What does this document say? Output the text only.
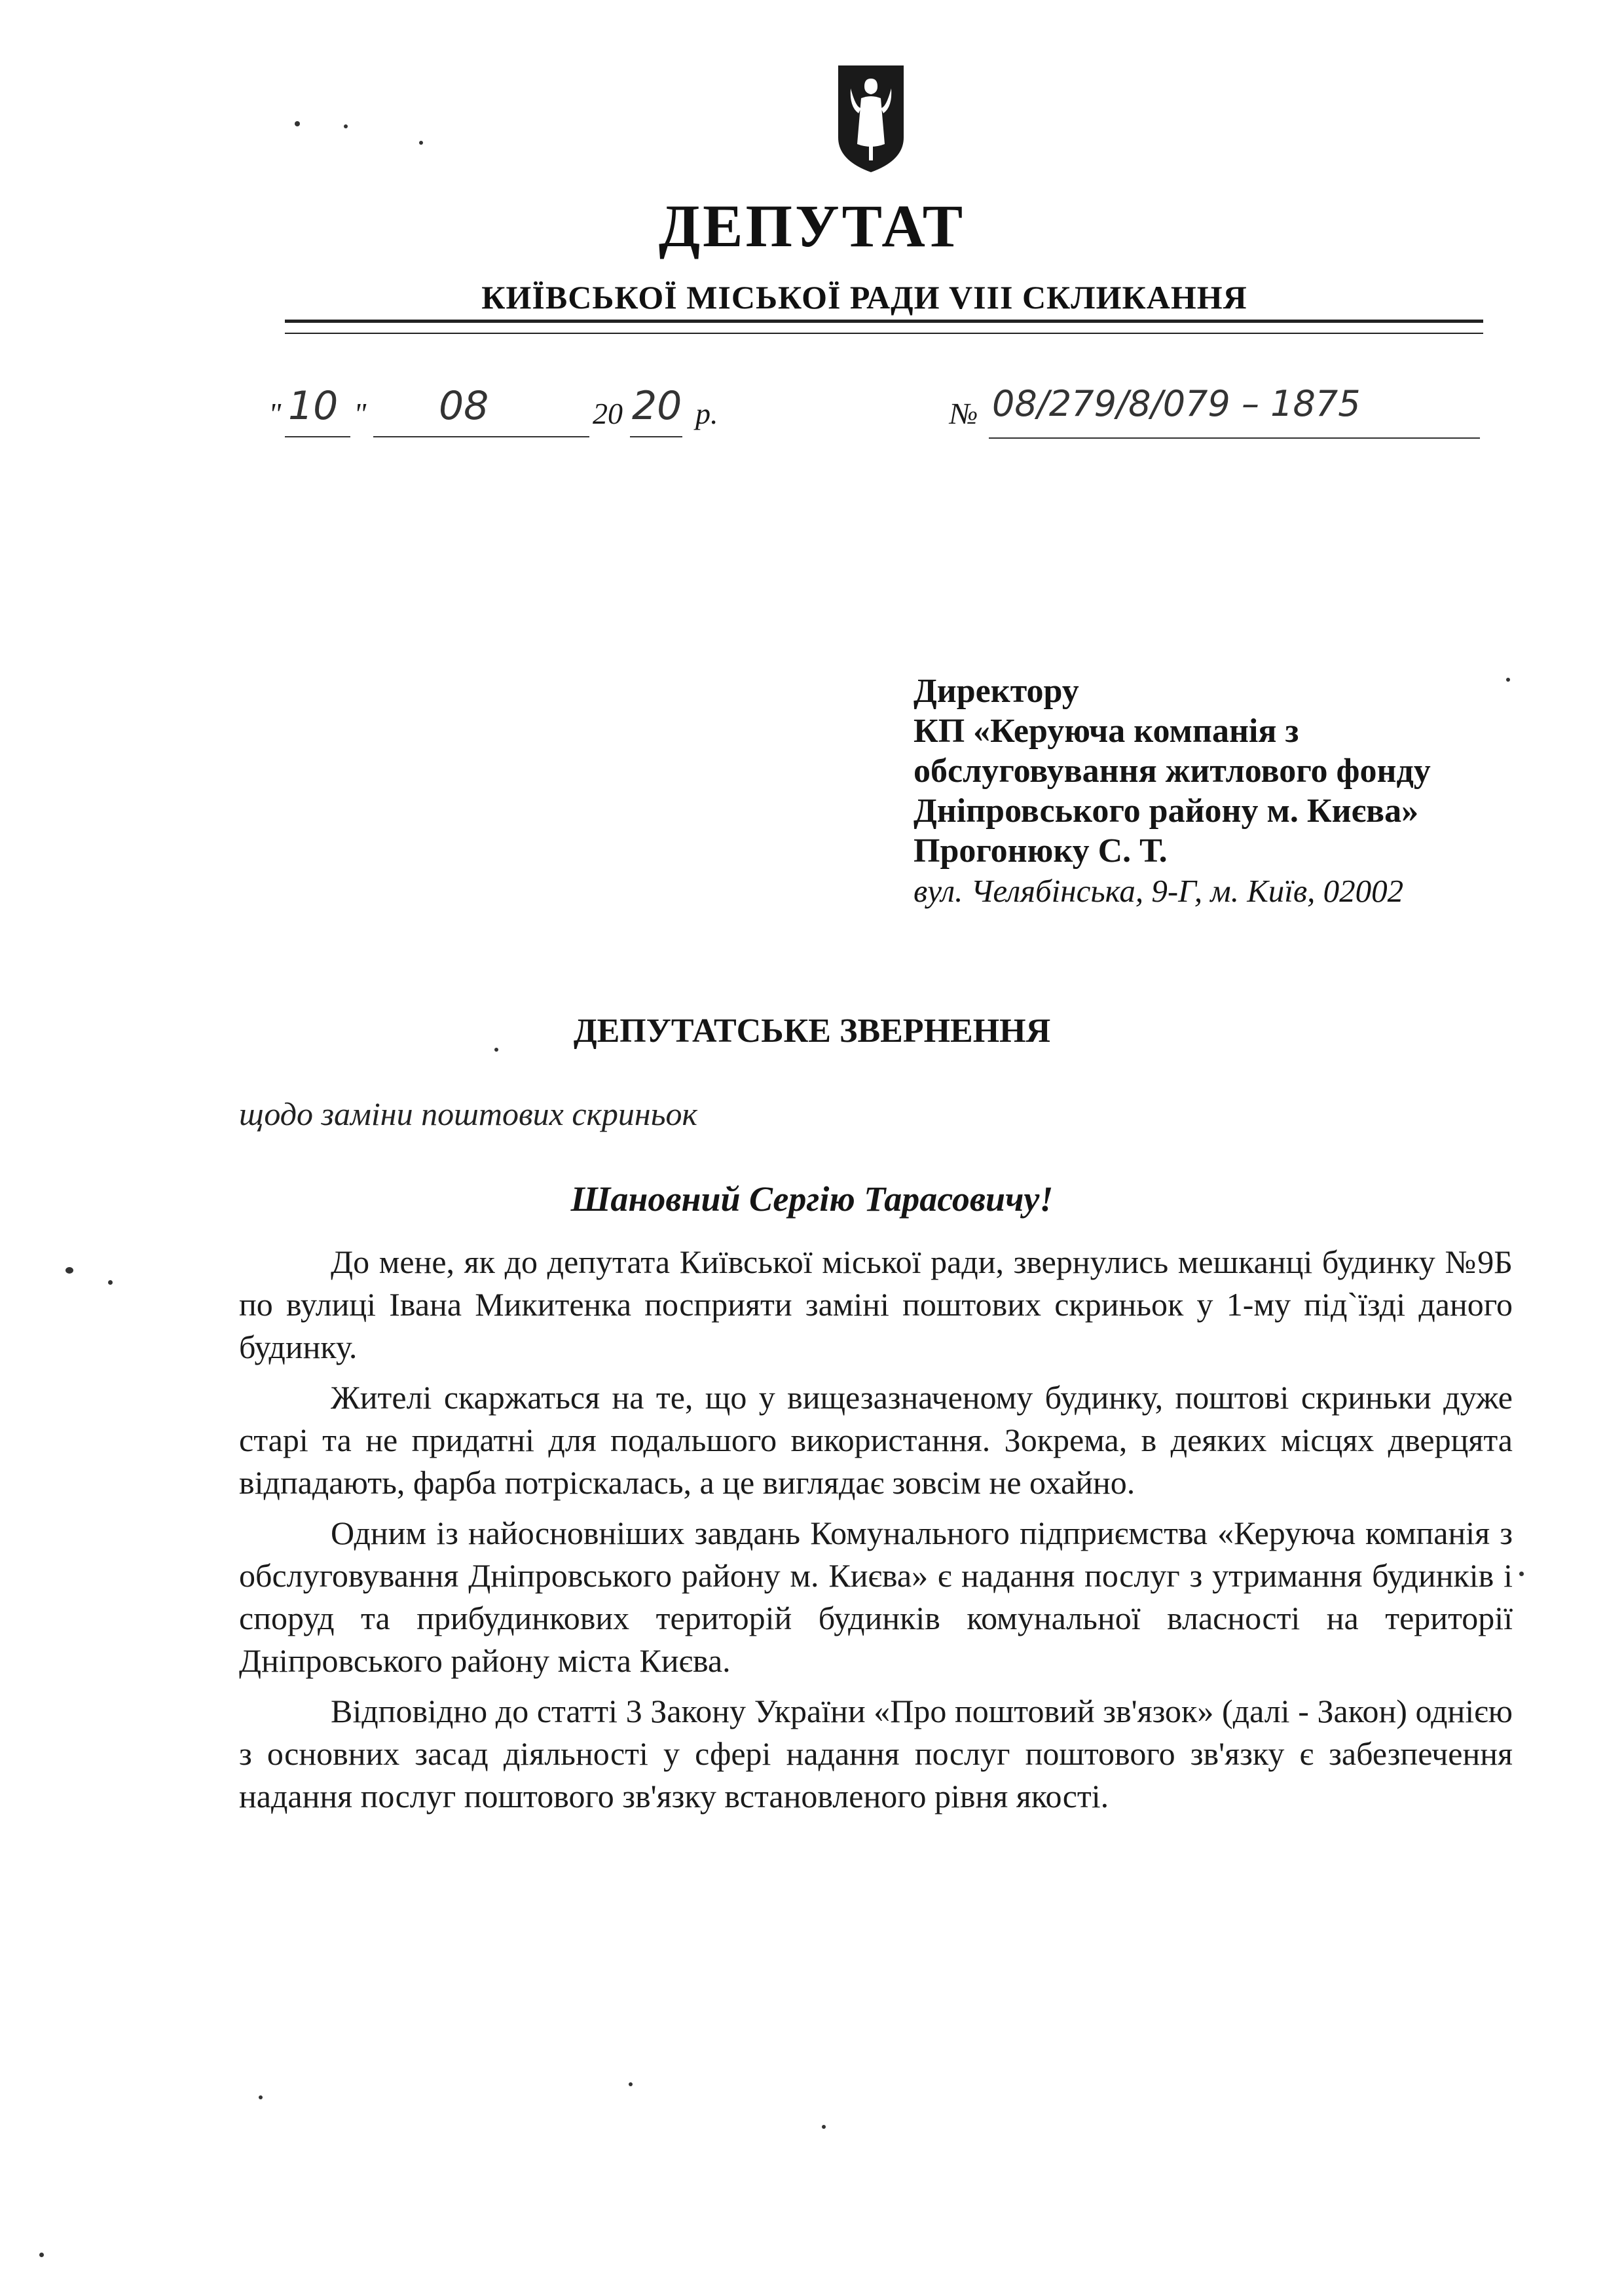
ДЕПУТАТ
КИЇВСЬКОЇ МІСЬКОЇ РАДИ VIII СКЛИКАННЯ
" 10 " 08	20 20 р.	№ 08/279/8/079 – 1875
Директору
КП «Керуюча компанія з
обслуговування житлового фонду
Дніпровського району м. Києва»
Прогонюку С. Т.
вул. Челябінська, 9-Г, м. Київ, 02002
ДЕПУТАТСЬКЕ ЗВЕРНЕННЯ
щодо заміни поштових скриньок
Шановний Сергію Тарасовичу!

До мене, як до депутата Київської міської ради, звернулись мешканці будинку №9Б по вулиці Івана Микитенка посприяти заміні поштових скриньок у 1-му під`їзді даного будинку.

Жителі скаржаться на те, що у вищезазначеному будинку, поштові скриньки дуже старі та не придатні для подальшого використання. Зокрема, в деяких місцях дверцята відпадають, фарба потріскалась, а це виглядає зовсім не охайно.

Одним із найосновніших завдань Комунального підприємства «Керуюча компанія з обслуговування Дніпровського району м. Києва» є надання послуг з утримання будинків і споруд та прибудинкових територій будинків комунальної власності на території Дніпровського району міста Києва.

Відповідно до статті 3 Закону України «Про поштовий зв'язок» (далі - Закон) однією з основних засад діяльності у сфері надання послуг поштового зв'язку є забезпечення надання послуг поштового зв'язку встановленого рівня якості.
